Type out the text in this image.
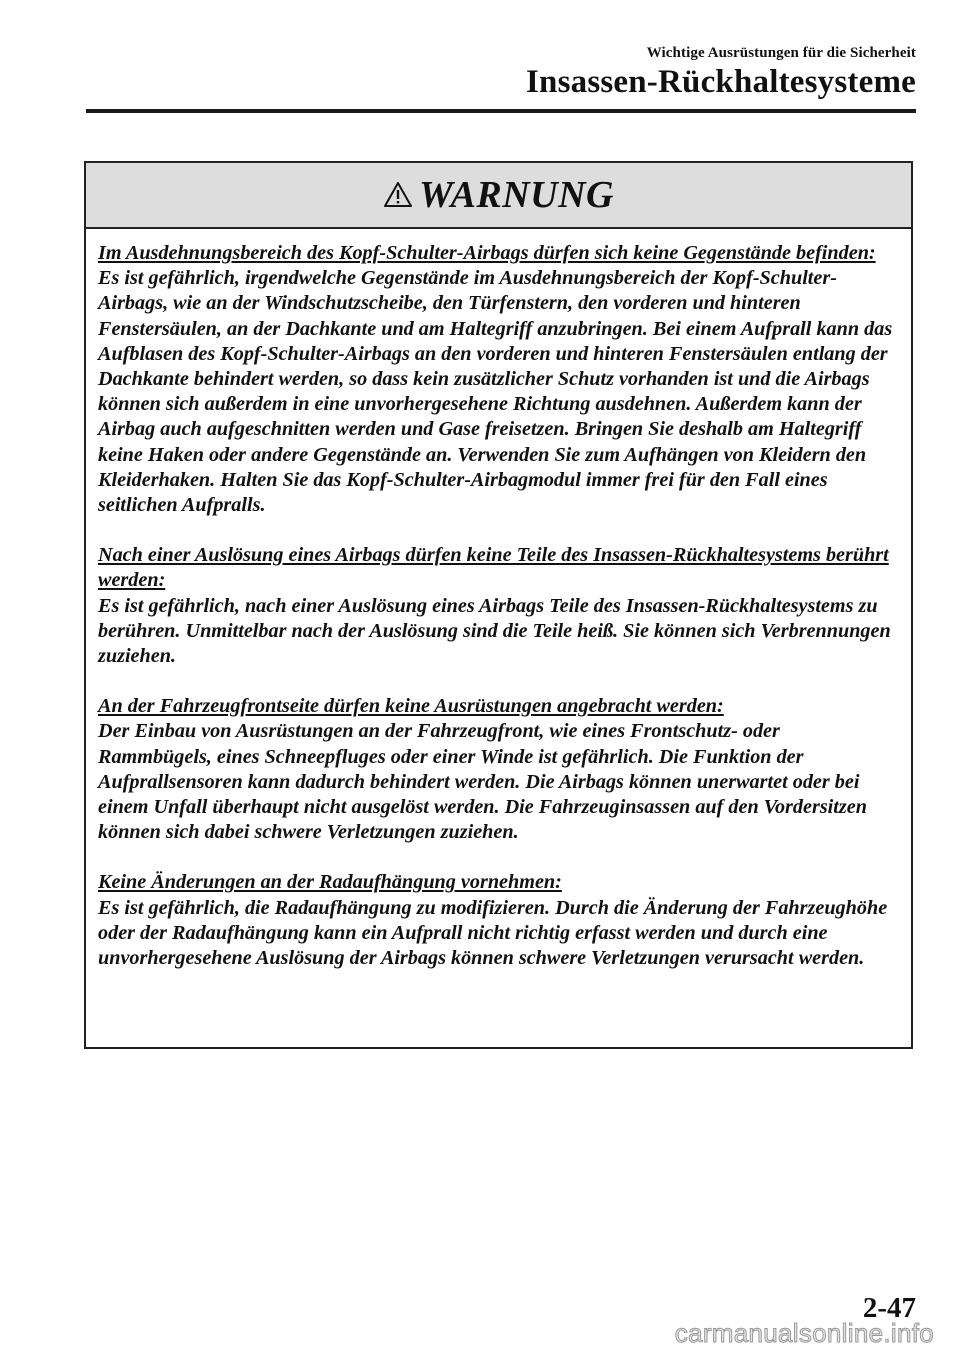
Wichtige Ausrüstungen für die Sicherheit
Insassen-Rückhaltesysteme
WARNUNG
Im Ausdehnungsbereich des Kopf-Schulter-Airbags dürfen sich keine Gegenstände befinden:
Es ist gefährlich, irgendwelche Gegenstände im Ausdehnungsbereich der Kopf-Schulter-Airbags, wie an der Windschutzscheibe, den Türfenstern, den vorderen und hinteren Fenstersäulen, an der Dachkante und am Haltegriff anzubringen. Bei einem Aufprall kann das Aufblasen des Kopf-Schulter-Airbags an den vorderen und hinteren Fenstersäulen entlang der Dachkante behindert werden, so dass kein zusätzlicher Schutz vorhanden ist und die Airbags können sich außerdem in eine unvorhergesehene Richtung ausdehnen. Außerdem kann der Airbag auch aufgeschnitten werden und Gase freisetzen. Bringen Sie deshalb am Haltegriff keine Haken oder andere Gegenstände an. Verwenden Sie zum Aufhängen von Kleidern den Kleiderhaken. Halten Sie das Kopf-Schulter-Airbagmodul immer frei für den Fall eines seitlichen Aufpralls.
Nach einer Auslösung eines Airbags dürfen keine Teile des Insassen-Rückhaltesystems berührt werden:
Es ist gefährlich, nach einer Auslösung eines Airbags Teile des Insassen-Rückhaltesystems zu berühren. Unmittelbar nach der Auslösung sind die Teile heiß. Sie können sich Verbrennungen zuziehen.
An der Fahrzeugfrontseite dürfen keine Ausrüstungen angebracht werden:
Der Einbau von Ausrüstungen an der Fahrzeugfront, wie eines Frontschutz- oder Rammbügels, eines Schneepfluges oder einer Winde ist gefährlich. Die Funktion der Aufprallsensoren kann dadurch behindert werden. Die Airbags können unerwartet oder bei einem Unfall überhaupt nicht ausgelöst werden. Die Fahrzeuginsassen auf den Vordersitzen können sich dabei schwere Verletzungen zuziehen.
Keine Änderungen an der Radaufhängung vornehmen:
Es ist gefährlich, die Radaufhängung zu modifizieren. Durch die Änderung der Fahrzeughöhe oder der Radaufhängung kann ein Aufprall nicht richtig erfasst werden und durch eine unvorhergesehene Auslösung der Airbags können schwere Verletzungen verursacht werden.
2-47
carmanualsonline.info
